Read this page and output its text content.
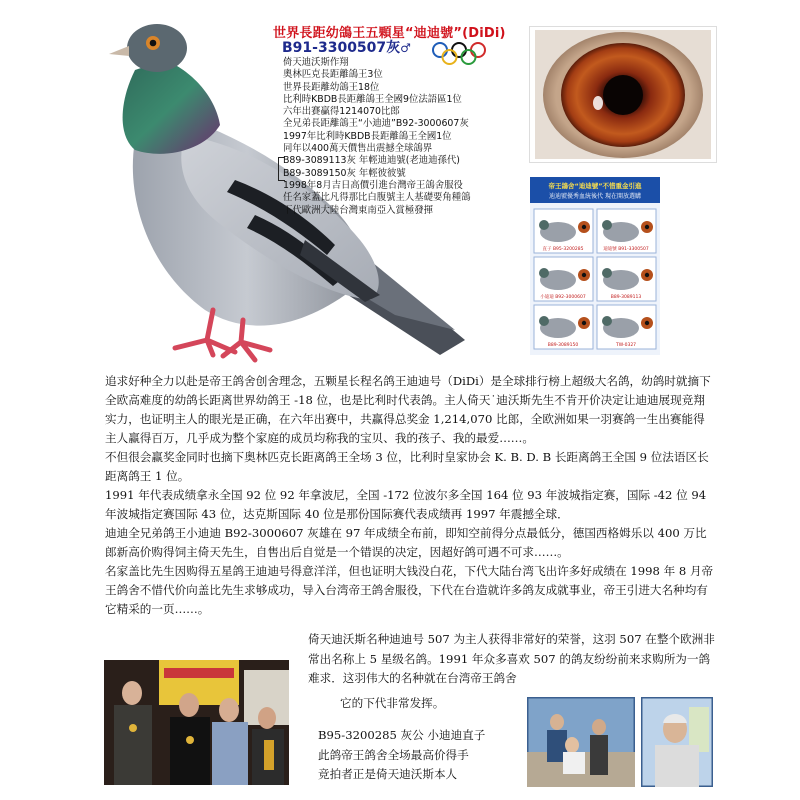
世界長距幼鴿王五顆星“迪迪號”(DiDi)
B91-3300507灰♂
倚天迪沃斯作翔
奧林匹克長距離鴿王3位
世界長距離幼鴿王18位
比利時KBDB長距離鴿王全國9位法語區1位
六年出賽贏得1214070比郎
全兄弟長距離鴿王“小迪迪”B92-3000607灰
1997年比利時KBDB長距離鴿王全國1位
同年以400萬天價售出震撼全球鴿界
B89-3089113灰 年輕迪迪號(老迪迪孫代)
B89-3089150灰 年輕彼彼號
1998年8月吉日高價引進台灣帝王鴿舍服役
任名家蓋比凡得那比白腹號主人基礎要角種鴿
下代歐洲大陸台灣東南亞入賞極發揮
帝王鴿舍“迪迪號”不惜重金引進
迪迪號優秀血統後代 現在開放選購
直子 B95-3200285	迪迪號 B91-3300507
小迪迪 B92-3000607	B89-3089113
B89-3089150	TW-0327

追求好种全力以赴是帝王鸽舍创舍理念，五颗星长程名鸽王迪迪号（DiDi）是全球排行榜上超级大名鸽，幼鸽时就摘下全欧高难度的幼鸽长距离世界幼鸽王 -18 位，也是比利时代表鸽。主人倚天˙迪沃斯先生不肯开价决定让迪迪展现竞翔实力，也证明主人的眼光是正确，在六年出赛中，共赢得总奖金 1,214,070 比郎，全欧洲如果一羽赛鸽一生出赛能得主人赢得百万，几乎成为整个家庭的成员均称我的宝贝、我的孩子、我的最爱……。

不但很会赢奖金同时也摘下奥林匹克长距离鸽王全场 3 位，比利时皇家协会 K. B. D. B 长距离鸽王全国 9 位法语区长距离鸽王 1 位。

1991 年代表成绩拿永全国 92 位 92 年拿波尼，全国 -172 位波尔多全国 164 位 93 年波城指定赛，国际 -42 位 94 年波城指定赛国际 43 位，达克斯国际 40 位是那份国际赛代表成绩再 1997 年震撼全球．

迪迪全兄弟鸽王小迪迪 B92-3000607 灰雄在 97 年成绩全布前，即知空前得分点最低分，德国西格姆乐以 400 万比郎新高价购得饲主倚天先生，自售出后自觉是一个错误的决定，因超好鸽可遇不可求……。

名家盖比先生因购得五星鸽王迪迪号得意洋洋，但也证明大钱没白花，下代大陆台湾飞出许多好成绩在 1998 年 8 月帝王鸽舍不惜代价向盖比先生求够成功，导入台湾帝王鸽舍服役，下代在台造就许多鸽友成就事业，帝王引进大名种均有它精采的一页……。

倚天迪沃斯名种迪迪号 507 为主人获得非常好的荣誉，这羽 507 在整个欧洲非常出名称上 5 星级名鸽。1991 年众多喜欢 507 的鸽友纷纷前来求购所为一鸽难求．这羽伟大的名种就在台湾帝王鸽舍

它的下代非常发挥。

B95-3200285 灰公 小迪迪直子

此鸽帝王鸽舍全场最高价得手

竞拍者正是倚天迪沃斯本人
